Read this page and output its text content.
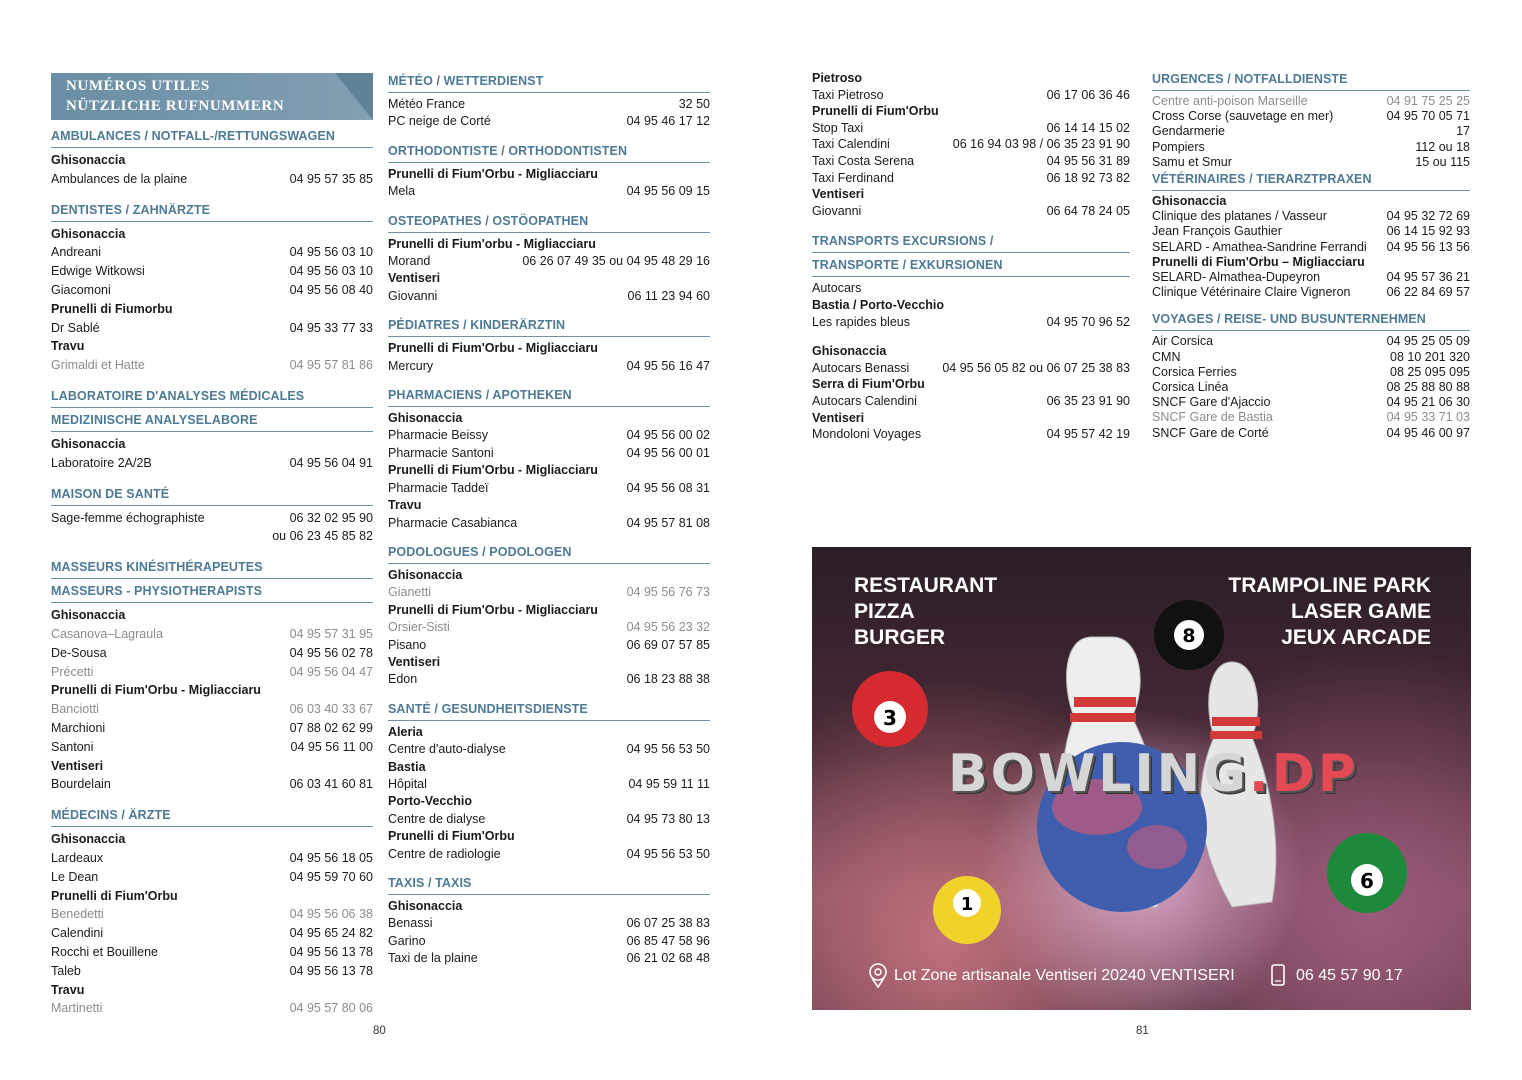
NUMÉROS UTILES
NÜTZLICHE RUFNUMMERN
AMBULANCES / NOTFALL-/RETTUNGSWAGEN
Ghisonaccia
Ambulances de la plaine	04 95 57 35 85
DENTISTES / ZAHNÄRZTE
Ghisonaccia
Andreani	04 95 56 03 10
Edwige Witkowsi	04 95 56 03 10
Giacomoni	04 95 56 08 40
Prunelli di Fiumorbu
Dr Sablé	04 95 33 77 33
Travu
Grimaldi et Hatte	04 95 57 81 86
LABORATOIRE D'ANALYSES MÉDICALES
MEDIZINISCHE ANALYSELABORE
Ghisonaccia
Laboratoire 2A/2B	04 95 56 04 91
MAISON DE SANTÉ
Sage-femme échographiste	06 32 02 95 90
ou 06 23 45 85 82
MASSEURS KINÉSITHÉRAPEUTES
MASSEURS - PHYSIOTHERAPISTS
Ghisonaccia
Casanova–Lagraula	04 95 57 31 95
De-Sousa	04 95 56 02 78
Précetti	04 95 56 04 47
Prunelli di Fium'Orbu - Migliacciaru
Banciotti	06 03 40 33 67
Marchioni	07 88 02 62 99
Santoni	04 95 56 11 00
Ventiseri
Bourdelain	06 03 41 60 81
MÉDECINS / ÄRZTE
Ghisonaccia
Lardeaux	04 95 56 18 05
Le Dean	04 95 59 70 60
Prunelli di Fium'Orbu
Benedetti	04 95 56 06 38
Calendini	04 95 65 24 82
Rocchi et Bouillene	04 95 56 13 78
Taleb	04 95 56 13 78
Travu
Martinetti	04 95 57 80 06
MÉTÉO / WETTERDIENST
Météo France	32 50
PC neige de Corté	04 95 46 17 12
ORTHODONTISTE / ORTHODONTISTEN
Prunelli di Fium'Orbu - Migliacciaru
Mela	04 95 56 09 15
OSTEOPATHES / OSTÖOPATHEN
Prunelli di Fium'orbu - Migliacciaru
Morand	06 26 07 49 35 ou 04 95 48 29 16
Ventiseri
Giovanni	06 11 23 94 60
PÉDIATRES / KINDERÄRZTIN
Prunelli di Fium'Orbu - Migliacciaru
Mercury	04 95 56 16 47
PHARMACIENS / APOTHEKEN
Ghisonaccia
Pharmacie Beissy	04 95 56 00 02
Pharmacie Santoni	04 95 56 00 01
Prunelli di Fium'Orbu - Migliacciaru
Pharmacie Taddeï	04 95 56 08 31
Travu
Pharmacie Casabianca	04 95 57 81 08
PODOLOGUES / PODOLOGEN
Ghisonaccia
Gianetti	04 95 56 76 73
Prunelli di Fium'Orbu - Migliacciaru
Orsier-Sisti	04 95 56 23 32
Pisano	06 69 07 57 85
Ventiseri
Edon	06 18 23 88 38
SANTÉ / GESUNDHEITSDIENSTE
Aleria
Centre d'auto-dialyse	04 95 56 53 50
Bastia
Hôpital	04 95 59 11 11
Porto-Vecchio
Centre de dialyse	04 95 73 80 13
Prunelli di Fium'Orbu
Centre de radiologie	04 95 56 53 50
TAXIS / TAXIS
Ghisonaccia
Benassi	06 07 25 38 83
Garino	06 85 47 58 96
Taxi de la plaine	06 21 02 68 48
Pietroso
Taxi Pietroso	06 17 06 36 46
Prunelli di Fium'Orbu
Stop Taxi	06 14 14 15 02
Taxi Calendini	06 16 94 03 98 / 06 35 23 91 90
Taxi Costa Serena	04 95 56 31 89
Taxi Ferdinand	06 18 92 73 82
Ventiseri
Giovanni	06 64 78 24 05
TRANSPORTS EXCURSIONS /
TRANSPORTE / EXKURSIONEN
Autocars
Bastia / Porto-Vecchio
Les rapides bleus	04 95 70 96 52
Ghisonaccia
Autocars Benassi	04 95 56 05 82 ou 06 07 25 38 83
Serra di Fium'Orbu
Autocars Calendini	06 35 23 91 90
Ventiseri
Mondoloni Voyages	04 95 57 42 19
URGENCES / NOTFALLDIENSTE
Centre anti-poison Marseille	04 91 75 25 25
Cross Corse (sauvetage en mer)	04 95 70 05 71
Gendarmerie	17
Pompiers	112 ou 18
Samu et Smur	15 ou 115
VÉTÉRINAIRES / TIERARZTPRAXEN
Ghisonaccia
Clinique des platanes / Vasseur	04 95 32 72 69
Jean François Gauthier	06 14 15 92 93
SELARD - Amathea-Sandrine Ferrandi 04 95 56 13 56
Prunelli di Fium'Orbu – Migliacciaru
SELARD- Almathea-Dupeyron	04 95 57 36 21
Clinique Vétérinaire Claire Vigneron	06 22 84 69 57
VOYAGES / REISE- UND BUSUNTERNEHMEN
Air Corsica	04 95 25 05 09
CMN	08 10 201 320
Corsica Ferries	08 25 095 095
Corsica Linéa	08 25 88 80 88
SNCF Gare d'Ajaccio	04 95 21 06 30
SNCF Gare de Bastia	04 95 33 71 03
SNCF Gare de Corté	04 95 46 00 97
8
3
1
6
RESTAURANT
PIZZA
BURGER
TRAMPOLINE PARK
LASER GAME
JEUX ARCADE
BOWLING.DP
Lot Zone artisanale Ventiseri 20240 VENTISERI	06 45 57 90 17
80	81
